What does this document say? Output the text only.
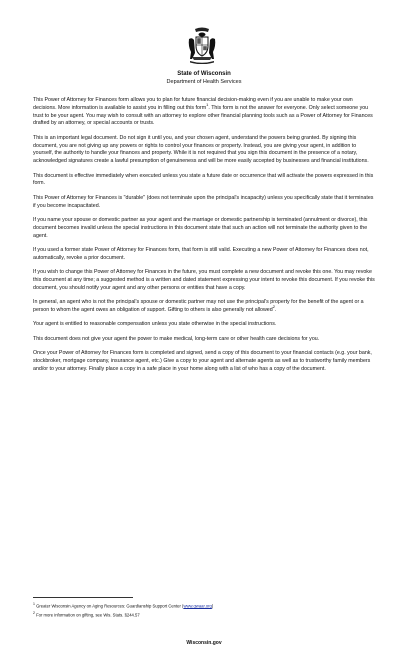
State of Wisconsin
Department of Health Services

This Power of Attorney for Finances form allows you to plan for future financial decision-making even if you are unable to make your own decisions. More information is available to assist you in filling out this form$^1$. This form is not the answer for everyone. Only select someone you trust to be your agent. You may wish to consult with an attorney to explore other financial planning tools such as a Power of Attorney for Finances drafted by an attorney, or special accounts or trusts.

This is an important legal document. Do not sign it until you, and your chosen agent, understand the powers being granted. By signing this document, you are not giving up any powers or rights to control your finances or property. Instead, you are giving your agent, in addition to yourself, the authority to handle your finances and property. While it is not required that you sign this document in the presence of a notary, acknowledged signatures create a lawful presumption of genuineness and will be more easily accepted by businesses and financial institutions.

This document is effective immediately when executed unless you state a future date or occurrence that will activate the powers expressed in this form.

This Power of Attorney for Finances is "durable" (does not terminate upon the principal's incapacity) unless you specifically state that it terminates if you become incapacitated.

If you name your spouse or domestic partner as your agent and the marriage or domestic partnership is terminated (annulment or divorce), this document becomes invalid unless the special instructions in this document state that such an action will not terminate the authority given to the agent.

If you used a former state Power of Attorney for Finances form, that form is still valid. Executing a new Power of Attorney for Finances does not, automatically, revoke a prior document.

If you wish to change this Power of Attorney for Finances in the future, you must complete a new document and revoke this one. You may revoke this document at any time; a suggested method is a written and dated statement expressing your intent to revoke this document. If you revoke this document, you should notify your agent and any other persons or entities that have a copy.

In general, an agent who is not the principal's spouse or domestic partner may not use the principal's property for the benefit of the agent or a person to whom the agent owes an obligation of support. Gifting to others is also generally not allowed$^2$.

Your agent is entitled to reasonable compensation unless you state otherwise in the special instructions.

This document does not give your agent the power to make medical, long-term care or other health care decisions for you.

Once your Power of Attorney for Finances form is completed and signed, send a copy of this document to your financial contacts (e.g. your bank, stockbroker, mortgage company, insurance agent, etc.) Give a copy to your agent and alternate agents as well as to trustworthy family members and/or to your attorney. Finally place a copy in a safe place in your home along with a list of who has a copy of the document.

$^1$ Greater Wisconsin Agency on Aging Resources: Guardianship Support Center (www.gwaar.org)
$^2$ For more information on gifting, see Wis. Stats. §244.57
Wisconsin.gov
